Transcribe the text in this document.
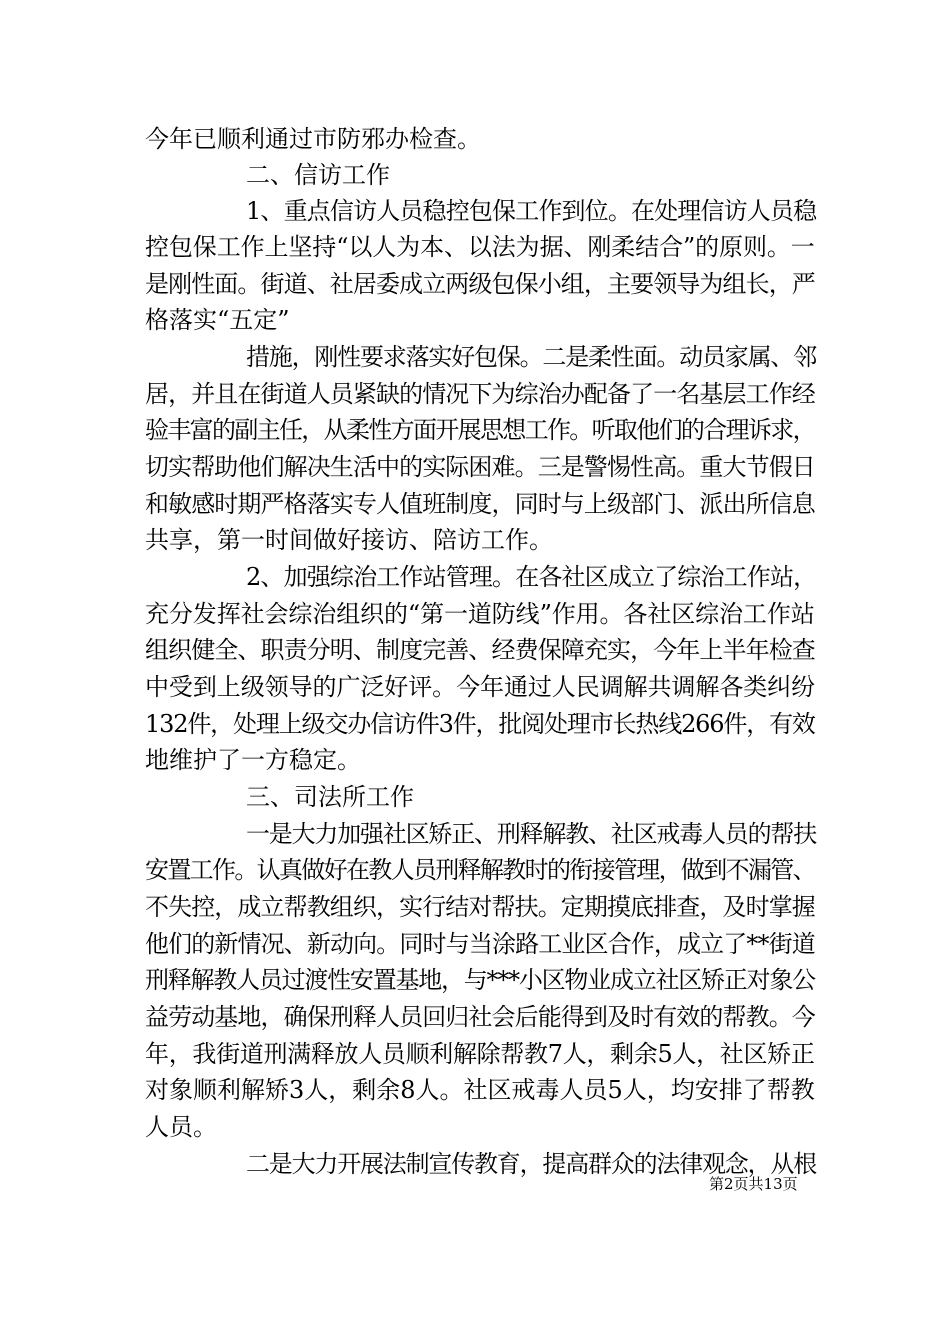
今年已顺利通过市防邪办检查。
二、信访工作
1、重点信访人员稳控包保工作到位。在处理信访人员稳
控包保工作上坚持“以人为本、以法为据、刚柔结合”的原则。一
是刚性面。街道、社居委成立两级包保小组，主要领导为组长，严
格落实“五定”
措施，刚性要求落实好包保。二是柔性面。动员家属、邻
居，并且在街道人员紧缺的情况下为综治办配备了一名基层工作经
验丰富的副主任，从柔性方面开展思想工作。听取他们的合理诉求，
切实帮助他们解决生活中的实际困难。三是警惕性高。重大节假日
和敏感时期严格落实专人值班制度，同时与上级部门、派出所信息
共享，第一时间做好接访、陪访工作。
2、加强综治工作站管理。在各社区成立了综治工作站，
充分发挥社会综治组织的“第一道防线”作用。各社区综治工作站
组织健全、职责分明、制度完善、经费保障充实，今年上半年检查
中受到上级领导的广泛好评。今年通过人民调解共调解各类纠纷
132件，处理上级交办信访件3件，批阅处理市长热线266件，有效
地维护了一方稳定。
三、司法所工作
一是大力加强社区矫正、刑释解教、社区戒毒人员的帮扶
安置工作。认真做好在教人员刑释解教时的衔接管理，做到不漏管、
不失控，成立帮教组织，实行结对帮扶。定期摸底排查，及时掌握
他们的新情况、新动向。同时与当涂路工业区合作，成立了**街道
刑释解教人员过渡性安置基地，与***小区物业成立社区矫正对象公
益劳动基地，确保刑释人员回归社会后能得到及时有效的帮教。今
年，我街道刑满释放人员顺利解除帮教7人，剩余5人，社区矫正
对象顺利解矫3人，剩余8人。社区戒毒人员5人，均安排了帮教
人员。
二是大力开展法制宣传教育，提高群众的法律观念，从根
第2页共13页
